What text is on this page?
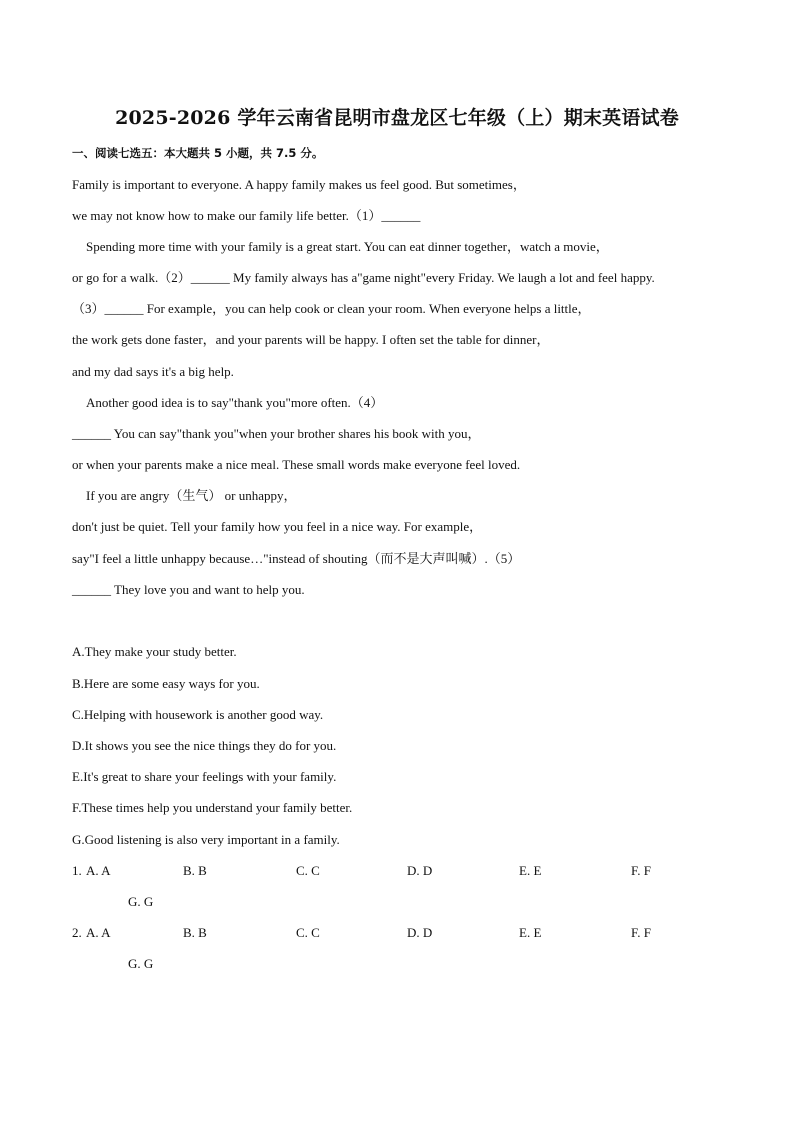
2025-2026 学年云南省昆明市盘龙区七年级（上）期末英语试卷
一、阅读七选五：本大题共 5 小题，共 7.5 分。
Family is important to everyone. A happy family makes us feel good. But sometimes，
we may not know how to make our family life better.（1）______
Spending more time with your family is a great start. You can eat dinner together，watch a movie，
or go for a walk.（2）______ My family always has a"game night"every Friday. We laugh a lot and feel happy.
（3）______ For example，you can help cook or clean your room. When everyone helps a little，
the work gets done faster，and your parents will be happy. I often set the table for dinner，
and my dad says it's a big help.
Another good idea is to say"thank you"more often.（4）
______ You can say"thank you"when your brother shares his book with you，
or when your parents make a nice meal. These small words make everyone feel loved.
If you are angry（生气） or unhappy，
don't just be quiet. Tell your family how you feel in a nice way. For example，
say"I feel a little unhappy because…"instead of shouting（而不是大声叫喊）.（5）
______ They love you and want to help you.
A.They make your study better.
B.Here are some easy ways for you.
C.Helping with housework is another good way.
D.It shows you see the nice things they do for you.
E.It's great to share your feelings with your family.
F.These times help you understand your family better.
G.Good listening is also very important in a family.
1. A. A	B. B	C. C	D. D	E. E	F. F
G. G
2. A. A	B. B	C. C	D. D	E. E	F. F
G. G
